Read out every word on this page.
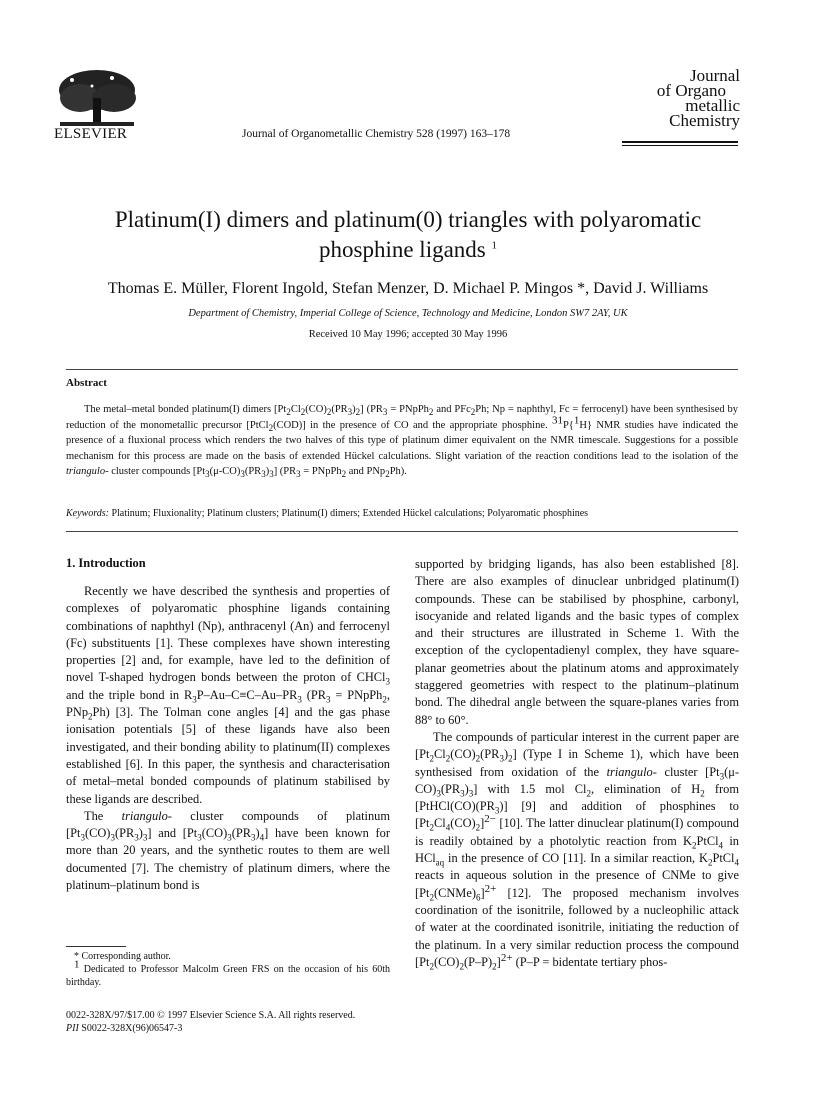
ELSEVIER	Journal of Organometallic Chemistry 528 (1997) 163–178
Journal
of Organo
metallic
Chemistry
Platinum(I) dimers and platinum(0) triangles with polyaromatic
phosphine ligands $^1$
Thomas E. Müller, Florent Ingold, Stefan Menzer, D. Michael P. Mingos *, David J. Williams
Department of Chemistry, Imperial College of Science, Technology and Medicine, London SW7 2AY, UK
Received 10 May 1996; accepted 30 May 1996
Abstract
The metal–metal bonded platinum(I) dimers [Pt2Cl2(CO)2(PR3)2] (PR3 = PNpPh2 and PFc2Ph; Np = naphthyl, Fc = ferrocenyl) have been synthesised by reduction of the monometallic precursor [PtCl2(COD)] in the presence of CO and the appropriate phosphine. 31P{1H} NMR studies have indicated the presence of a fluxional process which renders the two halves of this type of platinum dimer equivalent on the NMR timescale. Suggestions for a possible mechanism for this process are made on the basis of extended Hückel calculations. Slight variation of the reaction conditions lead to the isolation of the triangulo- cluster compounds [Pt3(μ-CO)3(PR3)3] (PR3 = PNpPh2 and PNp2Ph).
Keywords: Platinum; Fluxionality; Platinum clusters; Platinum(I) dimers; Extended Hückel calculations; Polyaromatic phosphines
1. Introduction

Recently we have described the synthesis and properties of complexes of polyaromatic phosphine ligands containing combinations of naphthyl (Np), anthracenyl (An) and ferrocenyl (Fc) substituents [1]. These complexes have shown interesting properties [2] and, for example, have led to the definition of novel T-shaped hydrogen bonds between the proton of CHCl$_3$ and the triple bond in $R_3P-Au-C\equiv C-Au-PR_3$ ($PR_3$ = PNpPh$_2$, PNp$_2$Ph) [3]. The Tolman cone angles [4] and the gas phase ionisation potentials [5] of these ligands have also been investigated, and their bonding ability to platinum(II) complexes established [6]. In this paper, the synthesis and characterisation of metal–metal bonded compounds of platinum stabilised by these ligands are described.

The triangulo- cluster compounds of platinum $[Pt_3(CO)_3(PR_3)_3]$ and $[Pt_3(CO)_3(PR_3)_4]$ have been known for more than 20 years, and the synthetic routes to them are well documented [7]. The chemistry of platinum dimers, where the platinum–platinum bond is

supported by bridging ligands, has also been established [8]. There are also examples of dinuclear unbridged platinum(I) compounds. These can be stabilised by phosphine, carbonyl, isocyanide and related ligands and the basic types of complex and their structures are illustrated in Scheme 1. With the exception of the cyclopentadienyl complex, they have square-planar geometries about the platinum atoms and approximately staggered geometries with respect to the platinum–platinum bond. The dihedral angle between the square-planes varies from 88° to 60°.

The compounds of particular interest in the current paper are $[Pt_2Cl_2(CO)_2(PR_3)_2]$ (Type I in Scheme 1), which have been synthesised from oxidation of the triangulo- cluster $[Pt_3(\mu-CO)_3(PR_3)_3]$ with 1.5 mol $Cl_2$, elimination of $H_2$ from $[PtHCl(CO)(PR_3)]$ [9] and addition of phosphines to $[Pt_2Cl_4(CO)_2]2- [10]$. The latter dinuclear platinum(I) compound is readily obtained by a photolytic reaction from $K_2PtCl_4$ in HCl$_{aq}$ in the presence of CO [11]. In a similar reaction, $K_2PtCl_4$ reacts in aqueous solution in the presence of CNMe to give $[Pt_2(CNMe)_6]2+ [12]$. The proposed mechanism involves coordination of the isonitrile, followed by a nucleophilic attack of water at the coordinated isonitrile, initiating the reduction of the platinum. In a very similar reduction process the compound $[Pt_2(CO)_2(P-P)_2]2+ (P-P$ = bidentate tertiary phos-

* Corresponding author.
1 Dedicated to Professor Malcolm Green FRS on the occasion of his 60th birthday.
0022-328X/97/$17.00 © 1997 Elsevier Science S.A. All rights reserved.
PII S0022-328X(96)06547-3
